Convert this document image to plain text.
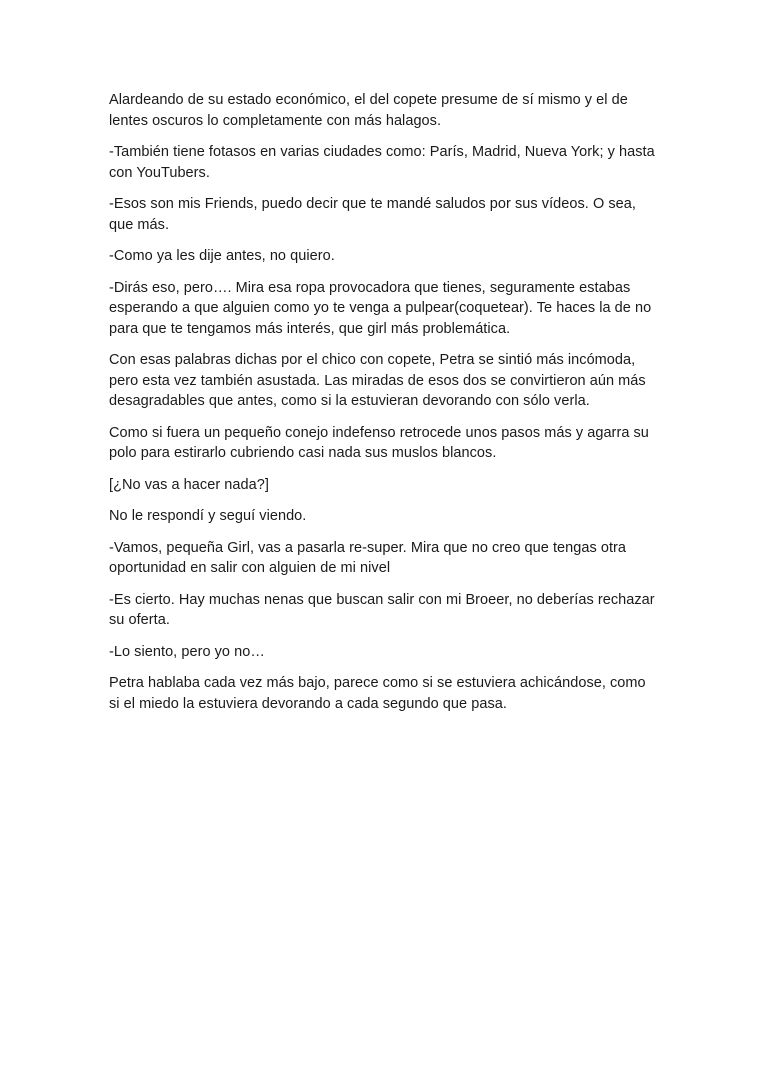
Alardeando de su estado económico, el del copete presume de sí mismo y el de lentes oscuros lo completamente con más halagos.

-También tiene fotasos en varias ciudades como: París, Madrid, Nueva York; y hasta con YouTubers.

-Esos son mis Friends, puedo decir que te mandé saludos por sus vídeos. O sea, que más.

-Como ya les dije antes, no quiero.

-Dirás eso, pero…. Mira esa ropa provocadora que tienes, seguramente estabas esperando a que alguien como yo te venga a pulpear(coquetear). Te haces la de no para que te tengamos más interés, que girl más problemática.

Con esas palabras dichas por el chico con copete, Petra se sintió más incómoda, pero esta vez también asustada. Las miradas de esos dos se convirtieron aún más desagradables que antes, como si la estuvieran devorando con sólo verla.

Como si fuera un pequeño conejo indefenso retrocede unos pasos más y agarra su polo para estirarlo cubriendo casi nada sus muslos blancos.

[¿No vas a hacer nada?]

No le respondí y seguí viendo.

-Vamos, pequeña Girl, vas a pasarla re-super. Mira que no creo que tengas otra oportunidad en salir con alguien de mi nivel

-Es cierto. Hay muchas nenas que buscan salir con mi Broeer, no deberías rechazar su oferta.

-Lo siento, pero yo no…

Petra hablaba cada vez más bajo, parece como si se estuviera achicándose, como si el miedo la estuviera devorando a cada segundo que pasa.
